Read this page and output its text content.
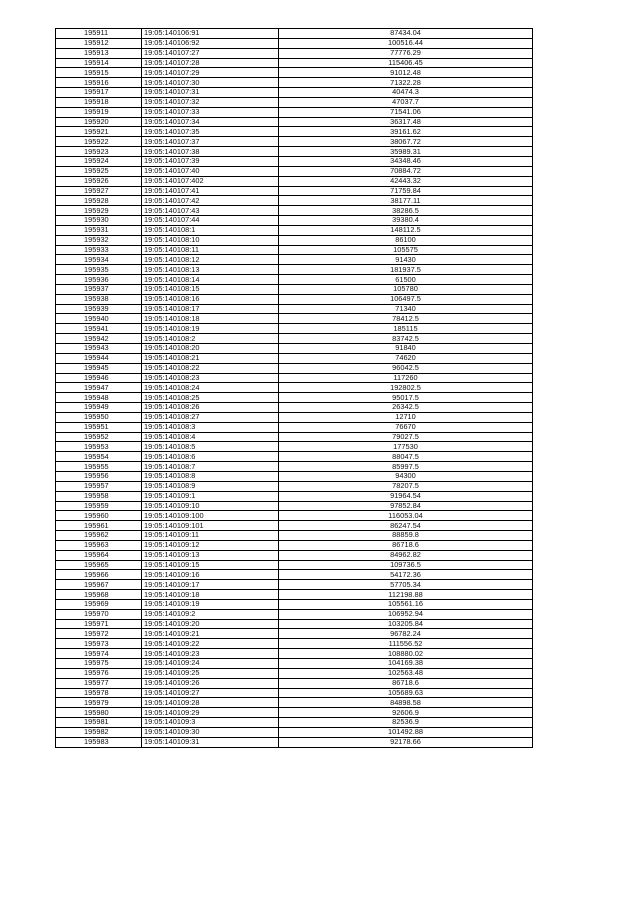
195911	19:05:140106:91	87434.04
195912	19:05:140106:92	100516.44
195913	19:05:140107:27	77776.29
195914	19:05:140107:28	115406.45
195915	19:05:140107:29	91012.48
195916	19:05:140107:30	71322.28
195917	19:05:140107:31	40474.3
195918	19:05:140107:32	47037.7
195919	19:05:140107:33	71541.06
195920	19:05:140107:34	36317.48
195921	19:05:140107:35	39161.62
195922	19:05:140107:37	38067.72
195923	19:05:140107:38	35989.31
195924	19:05:140107:39	34348.46
195925	19:05:140107:40	70884.72
195926	19:05:140107:402	42443.32
195927	19:05:140107:41	71759.84
195928	19:05:140107:42	38177.11
195929	19:05:140107:43	38286.5
195930	19:05:140107:44	39380.4
195931	19:05:140108:1	148112.5
195932	19:05:140108:10	86100
195933	19:05:140108:11	105575
195934	19:05:140108:12	91430
195935	19:05:140108:13	181937.5
195936	19:05:140108:14	61500
195937	19:05:140108:15	105780
195938	19:05:140108:16	106497.5
195939	19:05:140108:17	71340
195940	19:05:140108:18	78412.5
195941	19:05:140108:19	185115
195942	19:05:140108:2	83742.5
195943	19:05:140108:20	91840
195944	19:05:140108:21	74620
195945	19:05:140108:22	96042.5
195946	19:05:140108:23	117260
195947	19:05:140108:24	192802.5
195948	19:05:140108:25	95017.5
195949	19:05:140108:26	26342.5
195950	19:05:140108:27	12710
195951	19:05:140108:3	76670
195952	19:05:140108:4	79027.5
195953	19:05:140108:5	177530
195954	19:05:140108:6	88047.5
195955	19:05:140108:7	85997.5
195956	19:05:140108:8	94300
195957	19:05:140108:9	78207.5
195958	19:05:140109:1	91964.54
195959	19:05:140109:10	97852.84
195960	19:05:140109:100	116053.04
195961	19:05:140109:101	86247.54
195962	19:05:140109:11	88859.8
195963	19:05:140109:12	86718.6
195964	19:05:140109:13	84962.82
195965	19:05:140109:15	109736.5
195966	19:05:140109:16	54172.36
195967	19:05:140109:17	57705.34
195968	19:05:140109:18	112198.88
195969	19:05:140109:19	105561.16
195970	19:05:140109:2	106952.94
195971	19:05:140109:20	103205.84
195972	19:05:140109:21	96782.24
195973	19:05:140109:22	111556.52
195974	19:05:140109:23	108880.02
195975	19:05:140109:24	104169.38
195976	19:05:140109:25	102563.48
195977	19:05:140109:26	86718.6
195978	19:05:140109:27	105689.63
195979	19:05:140109:28	84898.58
195980	19:05:140109:29	92606.9
195981	19:05:140109:3	82536.9
195982	19:05:140109:30	101492.88
195983	19:05:140109:31	92178.66
